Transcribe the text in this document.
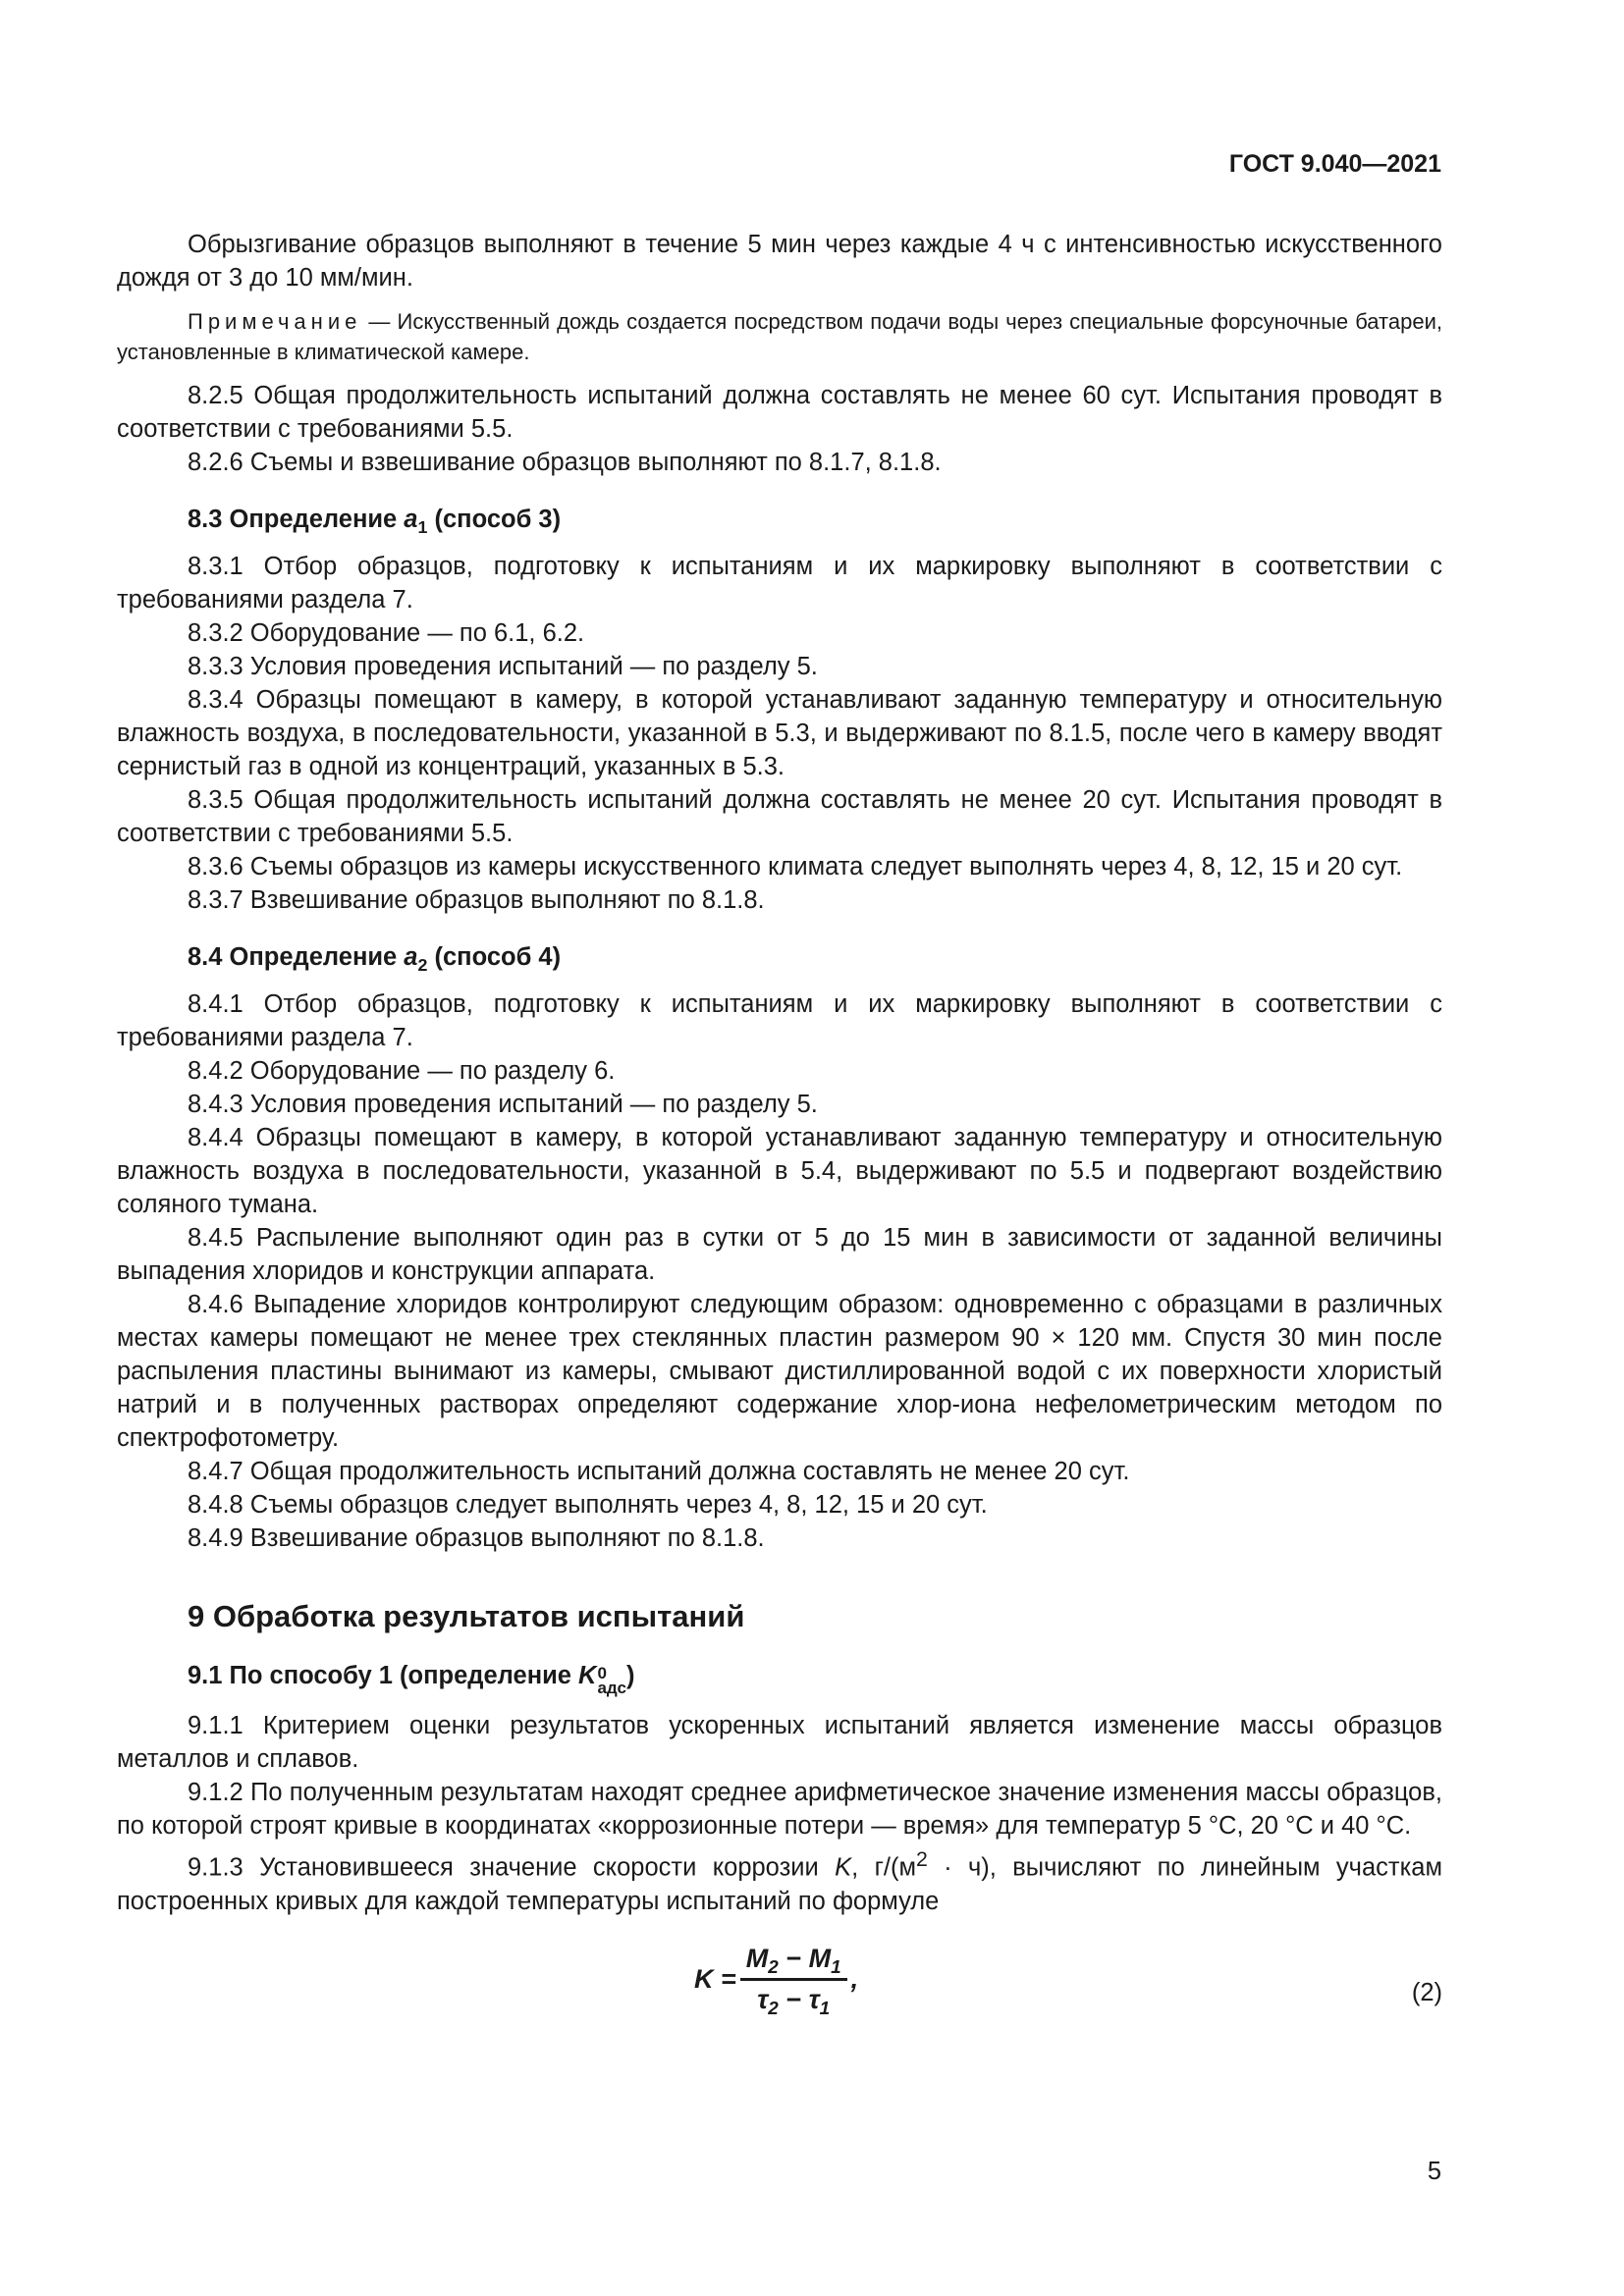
ГОСТ 9.040—2021

Обрызгивание образцов выполняют в течение 5 мин через каждые 4 ч с интенсивностью искусственного дождя от 3 до 10 мм/мин.

Примечание — Искусственный дождь создается посредством подачи воды через специальные форсуночные батареи, установленные в климатической камере.

8.2.5 Общая продолжительность испытаний должна составлять не менее 60 сут. Испытания проводят в соответствии с требованиями 5.5.

8.2.6 Съемы и взвешивание образцов выполняют по 8.1.7, 8.1.8.

8.3 Определение $a_1$ (способ 3)

8.3.1 Отбор образцов, подготовку к испытаниям и их маркировку выполняют в соответствии с требованиями раздела 7.

8.3.2 Оборудование — по 6.1, 6.2.

8.3.3 Условия проведения испытаний — по разделу 5.

8.3.4 Образцы помещают в камеру, в которой устанавливают заданную температуру и относительную влажность воздуха, в последовательности, указанной в 5.3, и выдерживают по 8.1.5, после чего в камеру вводят сернистый газ в одной из концентраций, указанных в 5.3.

8.3.5 Общая продолжительность испытаний должна составлять не менее 20 сут. Испытания проводят в соответствии с требованиями 5.5.

8.3.6 Съемы образцов из камеры искусственного климата следует выполнять через 4, 8, 12, 15 и 20 сут.

8.3.7 Взвешивание образцов выполняют по 8.1.8.

8.4 Определение $a_2$ (способ 4)

8.4.1 Отбор образцов, подготовку к испытаниям и их маркировку выполняют в соответствии с требованиями раздела 7.

8.4.2 Оборудование — по разделу 6.

8.4.3 Условия проведения испытаний — по разделу 5.

8.4.4 Образцы помещают в камеру, в которой устанавливают заданную температуру и относительную влажность воздуха в последовательности, указанной в 5.4, выдерживают по 5.5 и подвергают воздействию соляного тумана.

8.4.5 Распыление выполняют один раз в сутки от 5 до 15 мин в зависимости от заданной величины выпадения хлоридов и конструкции аппарата.

8.4.6 Выпадение хлоридов контролируют следующим образом: одновременно с образцами в различных местах камеры помещают не менее трех стеклянных пластин размером 90 × 120 мм. Спустя 30 мин после распыления пластины вынимают из камеры, смывают дистиллированной водой с их поверхности хлористый натрий и в полученных растворах определяют содержание хлор-иона нефелометрическим методом по спектрофотометру.

8.4.7 Общая продолжительность испытаний должна составлять не менее 20 сут.

8.4.8 Съемы образцов следует выполнять через 4, 8, 12, 15 и 20 сут.

8.4.9 Взвешивание образцов выполняют по 8.1.8.

9 Обработка результатов испытаний
9.1 По способу 1 (определение K 0
адс )

9.1.1 Критерием оценки результатов ускоренных испытаний является изменение массы образцов металлов и сплавов.

9.1.2 По полученным результатам находят среднее арифметическое значение изменения массы образцов, по которой строят кривые в координатах «коррозионные потери — время» для температур 5 °С, 20 °С и 40 °С.

9.1.3 Установившееся значение скорости коррозии K, $г/(м^2 \cdot ч)$, вычисляют по линейным участкам построенных кривых для каждой температуры испытаний по формуле

$K = \frac{M_2 - M_1}{\tau_2 - \tau_1}$ ,	(2)
5
